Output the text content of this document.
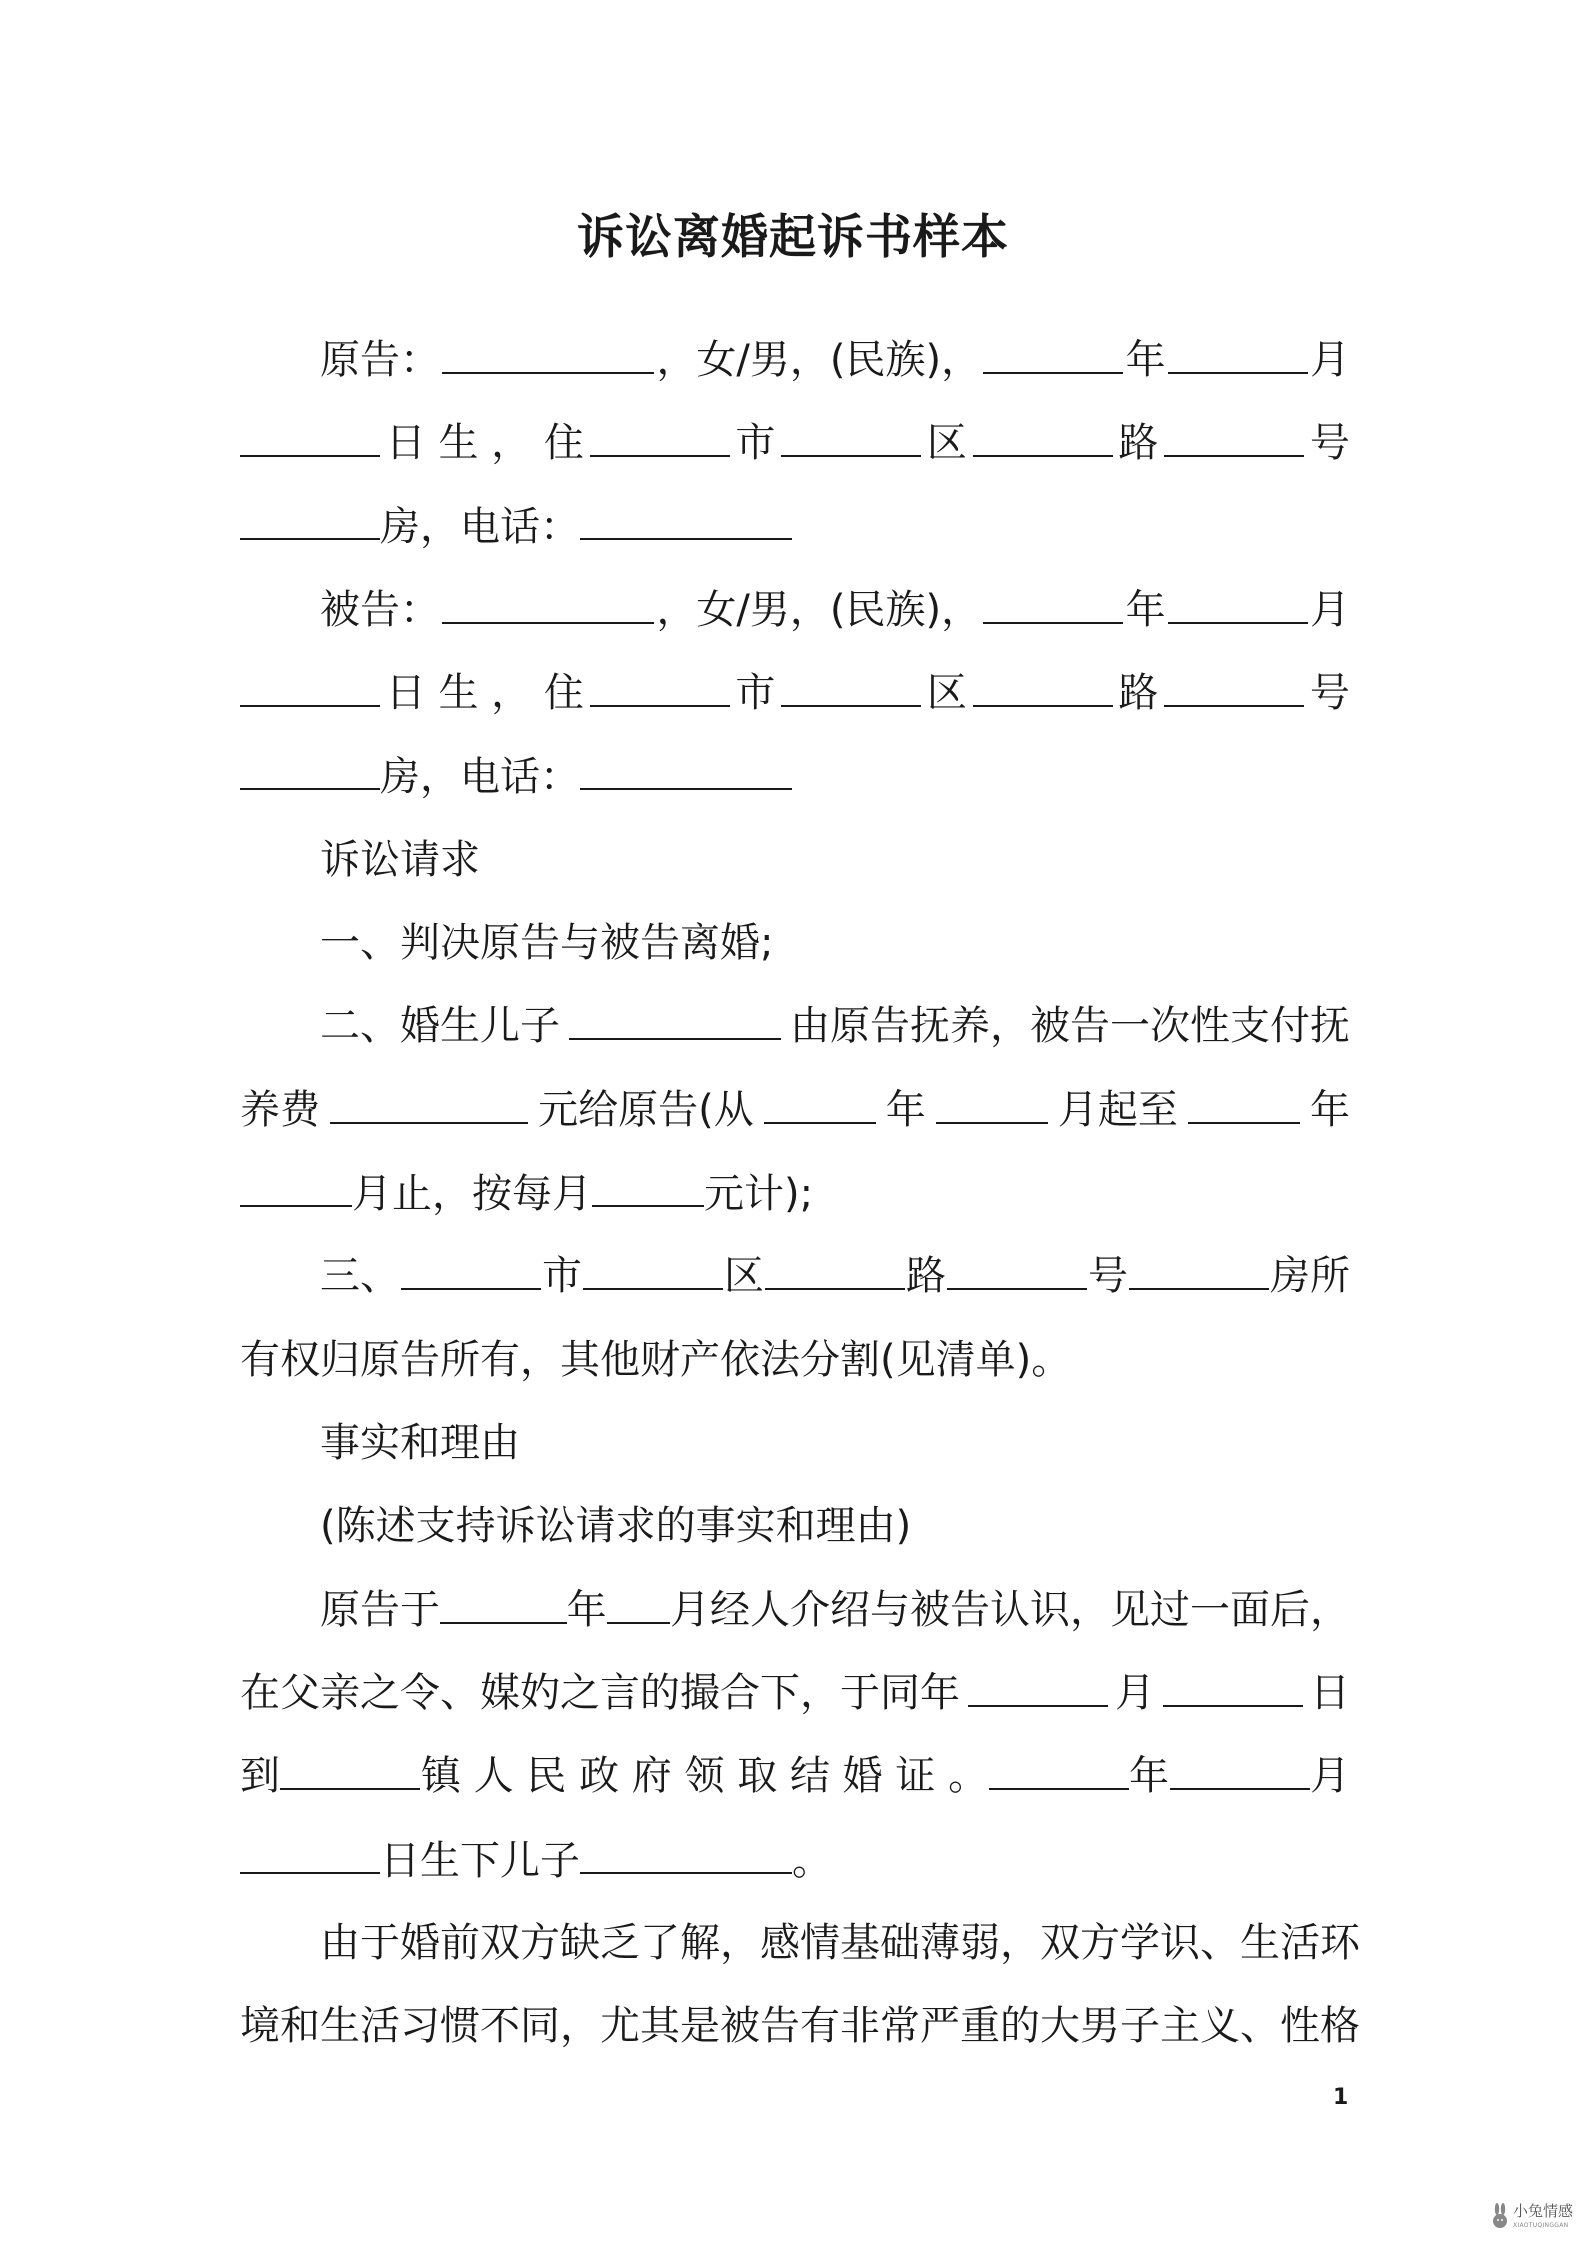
诉讼离婚起诉书样本
原告：	，女/男，(民族)，	年	月
日 生 ， 住	市	区	路	号
房，电话：
被告：	，女/男，(民族)，	年	月
日 生 ， 住	市	区	路	号
房，电话：
诉讼请求
一、判决原告与被告离婚;
二、婚生儿子	由原告抚养，被告一次性支付抚
养费	元给原告(从	年	月起至	年
月止，按每月	元计);
三、	市	区	路	号	房所
有权归原告所有，其他财产依法分割(见清单)。
事实和理由
(陈述支持诉讼请求的事实和理由)
原告于	年 月经人介绍与被告认识，见过一面后，
在父亲之令、媒妁之言的撮合下，于同年	月	日
到	镇 人 民 政 府 领 取 结 婚 证 。	年	月
日生下儿子	。
由于婚前双方缺乏了解，感情基础薄弱，双方学识、生活环
境和生活习惯不同，尤其是被告有非常严重的大男子主义、性格
1
小兔情感
XIAOTUQINGGAN
